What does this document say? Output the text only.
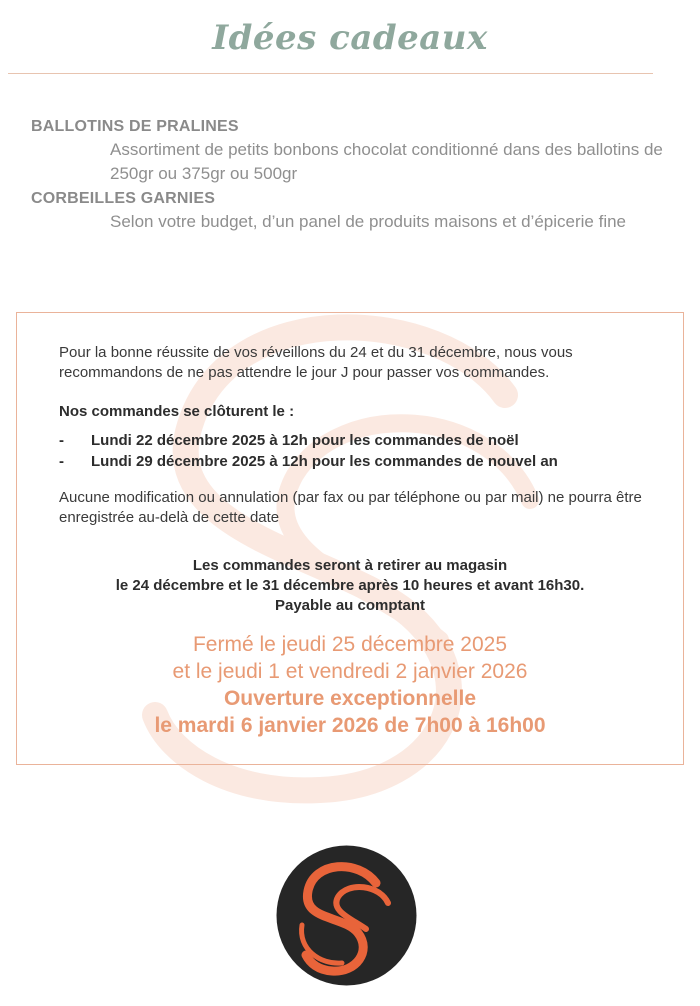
Idées cadeaux

BALLOTINS DE PRALINES

Assortiment de petits bonbons chocolat conditionné dans des ballotins de 250gr ou 375gr ou 500gr

CORBEILLES GARNIES

Selon votre budget, d’un panel de produits maisons et d’épicerie fine

Pour la bonne réussite de vos réveillons du 24 et du 31 décembre, nous vous recommandons de ne pas attendre le jour J pour passer vos commandes.

Nos commandes se clôturent le :

- Lundi 22 décembre 2025 à 12h pour les commandes de noël
- Lundi 29 décembre 2025 à 12h pour les commandes de nouvel an

Aucune modification ou annulation (par fax ou par téléphone ou par mail) ne pourra être enregistrée au-delà de cette date

Les commandes seront à retirer au magasin
le 24 décembre et le 31 décembre après 10 heures et avant 16h30.
Payable au comptant
Fermé le jeudi 25 décembre 2025
et le jeudi 1 et vendredi 2 janvier 2026
Ouverture exceptionnelle
le mardi 6 janvier 2026 de 7h00 à 16h00
